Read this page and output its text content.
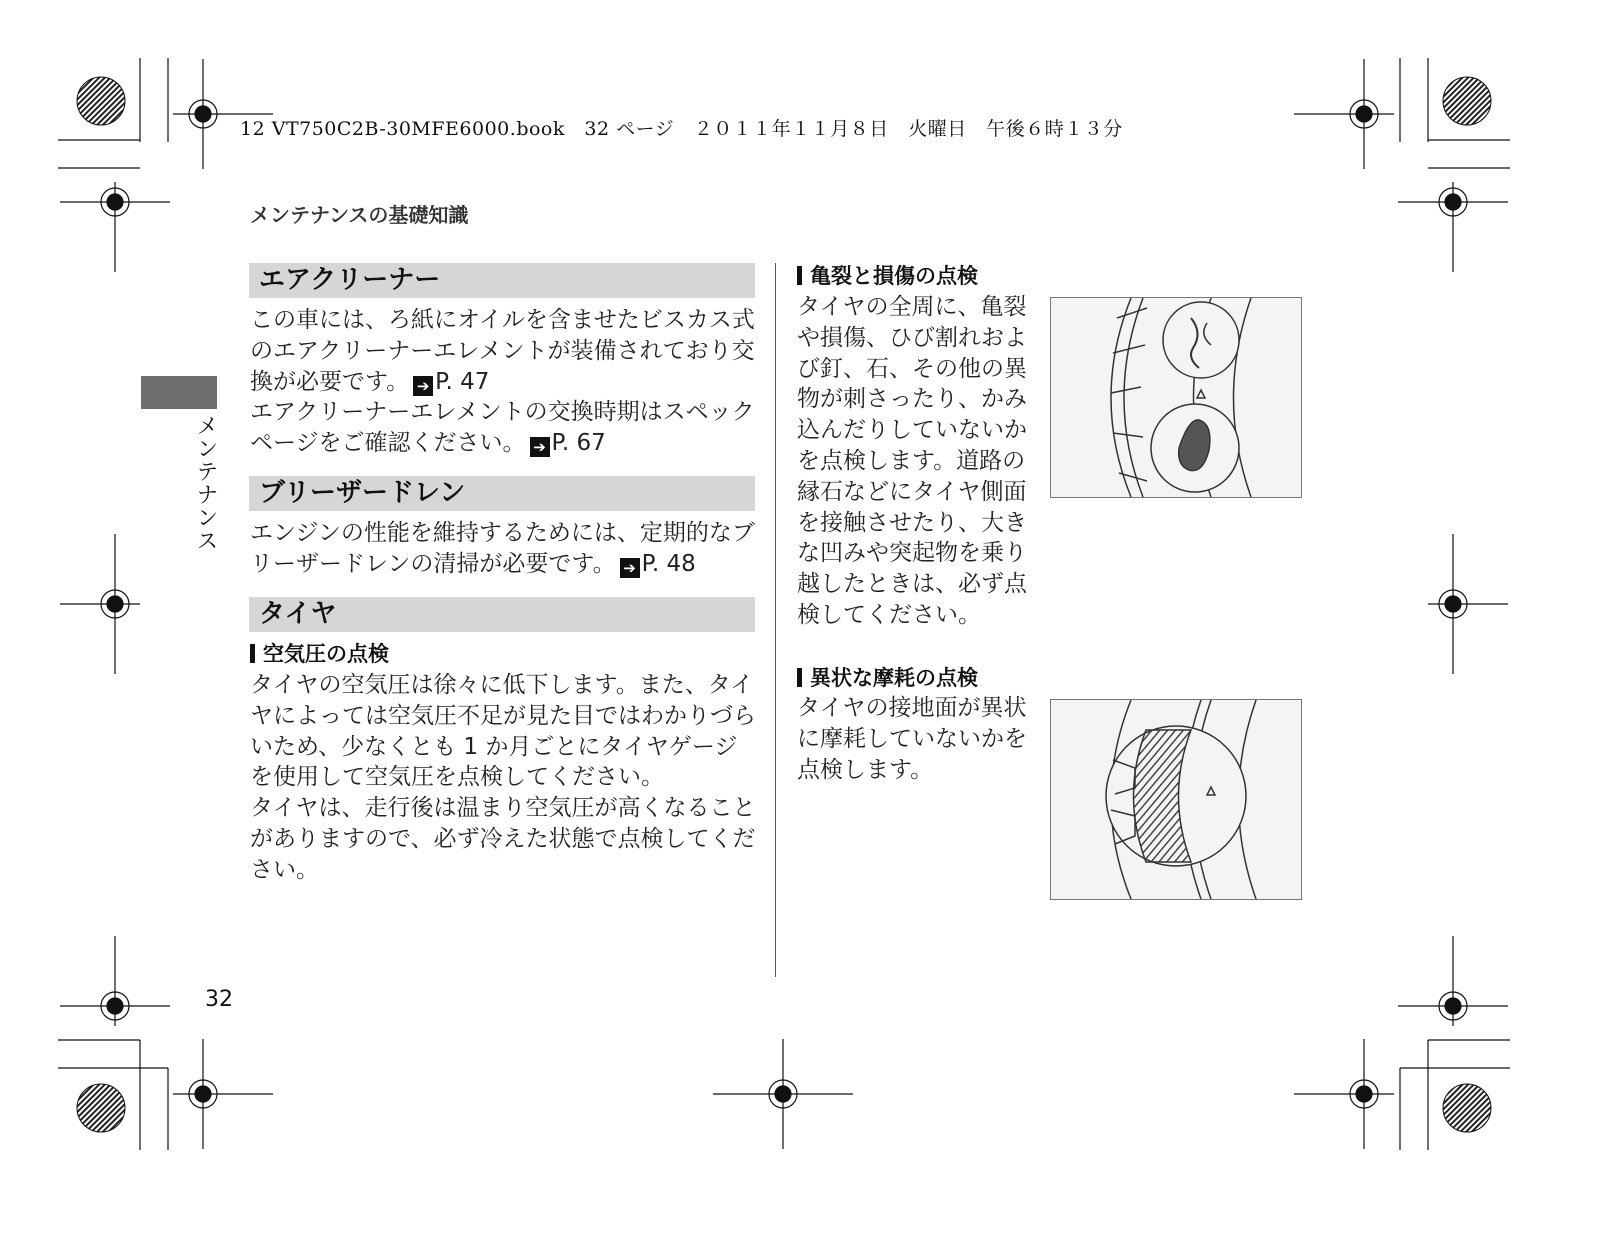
12 VT750C2B-30MFE6000.book　32 ページ　２０１１年１１月８日　火曜日　午後６時１３分
メンテナンスの基礎知識
メンテナンス
エアクリーナー

この車には、ろ紙にオイルを含ませたビスカス式のエアクリーナーエレメントが装備されており交換が必要です。 ➔ P. 47

エアクリーナーエレメントの交換時期はスペックページをご確認ください。 ➔ P. 67

ブリーザードレン

エンジンの性能を維持するためには、定期的なブリーザードレンの清掃が必要です。 ➔ P. 48

タイヤ
空気圧の点検

タイヤの空気圧は徐々に低下します。また、タイヤによっては空気圧不足が見た目ではわかりづらいため、少なくとも 1 か月ごとにタイヤゲージを使用して空気圧を点検してください。

タイヤは、走行後は温まり空気圧が高くなることがありますので、必ず冷えた状態で点検してください。

亀裂と損傷の点検
タイヤの全周に、亀裂や損傷、ひび割れおよび釘、石、その他の異物が刺さったり、かみ込んだりしていないかを点検します。道路の縁石などにタイヤ側面を接触させたり、大きな凹みや突起物を乗り越したときは、必ず点検してください。
異状な摩耗の点検
タイヤの接地面が異状に摩耗していないかを点検します。
32
